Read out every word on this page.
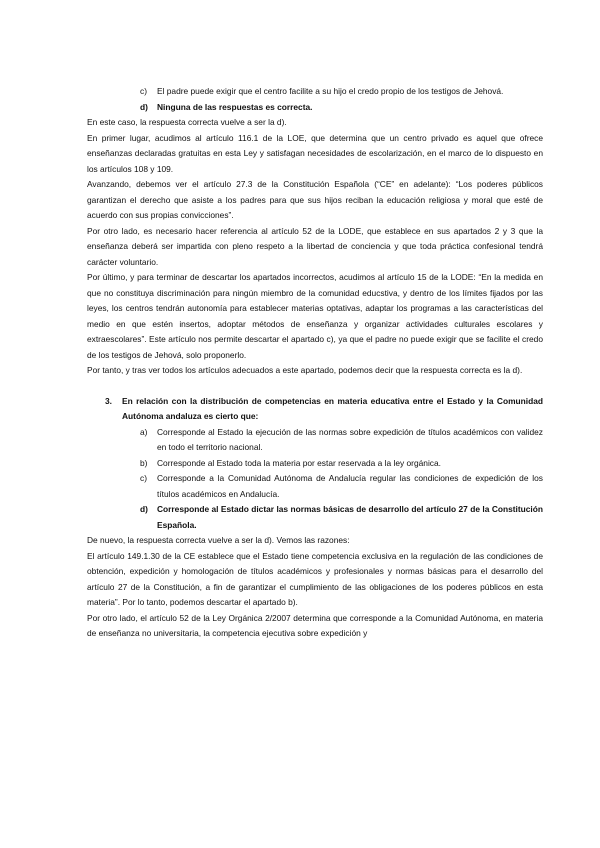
c) El padre puede exigir que el centro facilite a su hijo el credo propio de los testigos de Jehová.
d) Ninguna de las respuestas es correcta.

En este caso, la respuesta correcta vuelve a ser la d).

En primer lugar, acudimos al artículo 116.1 de la LOE, que determina que un centro privado es aquel que ofrece enseñanzas declaradas gratuitas en esta Ley y satisfagan necesidades de escolarización, en el marco de lo dispuesto en los artículos 108 y 109.

Avanzando, debemos ver el artículo 27.3 de la Constitución Española (“CE” en adelante): “Los poderes públicos garantizan el derecho que asiste a los padres para que sus hijos reciban la educación religiosa y moral que esté de acuerdo con sus propias convicciones”.

Por otro lado, es necesario hacer referencia al artículo 52 de la LODE, que establece en sus apartados 2 y 3 que la enseñanza deberá ser impartida con pleno respeto a la libertad de conciencia y que toda práctica confesional tendrá carácter voluntario.

Por último, y para terminar de descartar los apartados incorrectos, acudimos al artículo 15 de la LODE: “En la medida en que no constituya discriminación para ningún miembro de la comunidad educstiva, y dentro de los límites fijados por las leyes, los centros tendrán autonomía para establecer materias optativas, adaptar los programas a las características del medio en que estén insertos, adoptar métodos de enseñanza y organizar actividades culturales escolares y extraescolares”. Este artículo nos permite descartar el apartado c), ya que el padre no puede exigir que se facilite el credo de los testigos de Jehová, solo proponerlo.

Por tanto, y tras ver todos los artículos adecuados a este apartado, podemos decir que la respuesta correcta es la d).

3. En relación con la distribución de competencias en materia educativa entre el Estado y la Comunidad Autónoma andaluza es cierto que:
a) Corresponde al Estado la ejecución de las normas sobre expedición de títulos académicos con validez en todo el territorio nacional.
b) Corresponde al Estado toda la materia por estar reservada a la ley orgánica.
c) Corresponde a la Comunidad Autónoma de Andalucía regular las condiciones de expedición de los títulos académicos en Andalucía.
d) Corresponde al Estado dictar las normas básicas de desarrollo del artículo 27 de la Constitución Española.

De nuevo, la respuesta correcta vuelve a ser la d). Vemos las razones:

El artículo 149.1.30 de la CE establece que el Estado tiene competencia exclusiva en la regulación de las condiciones de obtención, expedición y homologación de títulos académicos y profesionales y normas básicas para el desarrollo del artículo 27 de la Constitución, a fin de garantizar el cumplimiento de las obligaciones de los poderes públicos en esta materia”. Por lo tanto, podemos descartar el apartado b).

Por otro lado, el artículo 52 de la Ley Orgánica 2/2007 determina que corresponde a la Comunidad Autónoma, en materia de enseñanza no universitaria, la competencia ejecutiva sobre expedición y
